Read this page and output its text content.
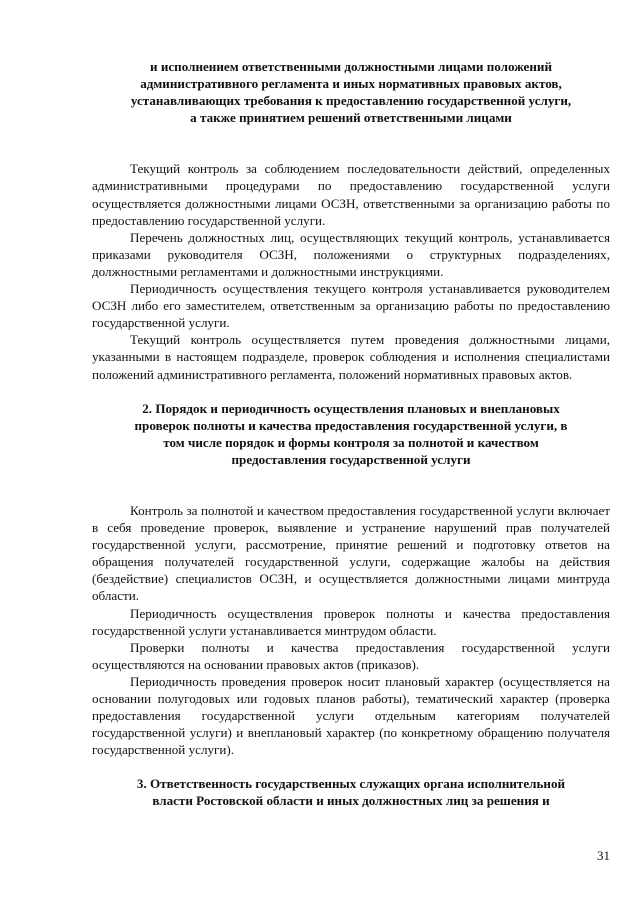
и исполнением ответственными должностными лицами положений
административного регламента и иных нормативных правовых актов,
устанавливающих требования к предоставлению государственной услуги,
а также принятием решений ответственными лицами

Текущий контроль за соблюдением последовательности действий, определенных административными процедурами по предоставлению государственной услуги осуществляется должностными лицами ОСЗН, ответственными за организацию работы по предоставлению государственной услуги.

Перечень должностных лиц, осуществляющих текущий контроль, устанавливается приказами руководителя ОСЗН, положениями о структурных подразделениях, должностными регламентами и должностными инструкциями.

Периодичность осуществления текущего контроля устанавливается руководителем ОСЗН либо его заместителем, ответственным за организацию работы по предоставлению государственной услуги.

Текущий контроль осуществляется путем проведения должностными лицами, указанными в настоящем подразделе, проверок соблюдения и исполнения специалистами положений административного регламента, положений нормативных правовых актов.

2. Порядок и периодичность осуществления плановых и внеплановых
проверок полноты и качества предоставления государственной услуги, в
том числе порядок и формы контроля за полнотой и качеством
предоставления государственной услуги

Контроль за полнотой и качеством предоставления государственной услуги включает в себя проведение проверок, выявление и устранение нарушений прав получателей государственной услуги, рассмотрение, принятие решений и подготовку ответов на обращения получателей государственной услуги, содержащие жалобы на действия (бездействие) специалистов ОСЗН, и осуществляется должностными лицами минтруда области.

Периодичность осуществления проверок полноты и качества предоставления государственной услуги устанавливается минтрудом области.

Проверки полноты и качества предоставления государственной услуги осуществляются на основании правовых актов (приказов).

Периодичность проведения проверок носит плановый характер (осуществляется на основании полугодовых или годовых планов работы), тематический характер (проверка предоставления государственной услуги отдельным категориям получателей государственной услуги) и внеплановый характер (по конкретному обращению получателя государственной услуги).

3. Ответственность государственных служащих органа исполнительной
власти Ростовской области и иных должностных лиц за решения и
31
